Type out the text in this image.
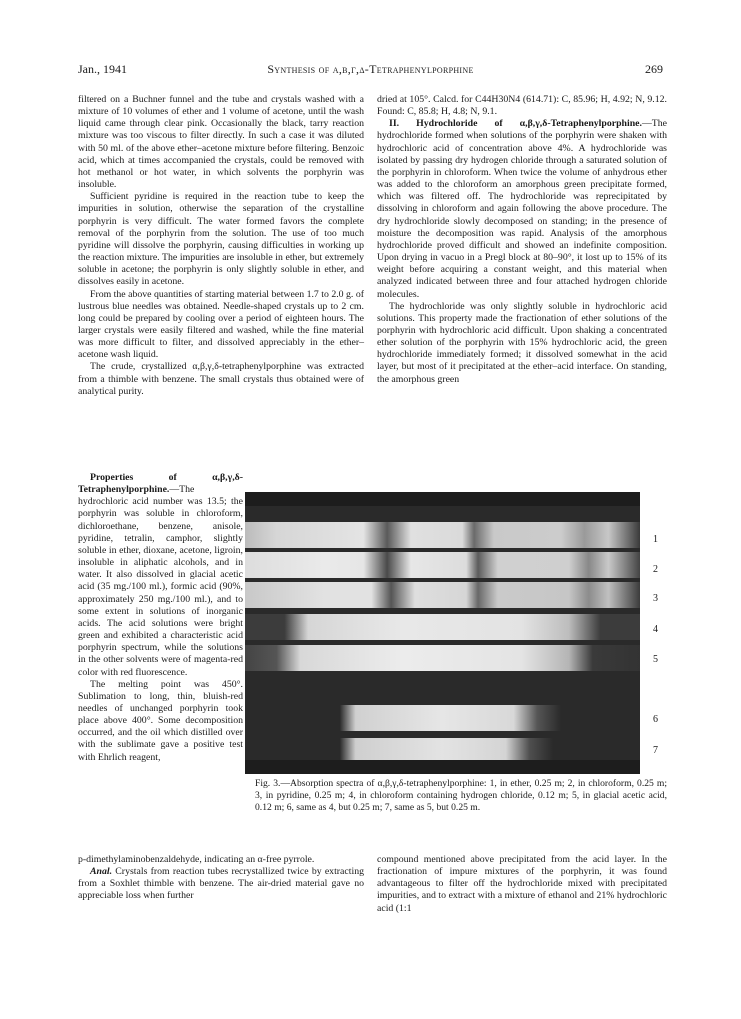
Jan., 1941	Synthesis of α,β,γ,δ-Tetraphenylporphine	269

filtered on a Buchner funnel and the tube and crystals washed with a mixture of 10 volumes of ether and 1 volume of acetone, until the wash liquid came through clear pink. Occasionally the black, tarry reaction mixture was too viscous to filter directly. In such a case it was diluted with 50 ml. of the above ether–acetone mixture before filtering. Benzoic acid, which at times accompanied the crystals, could be removed with hot methanol or hot water, in which solvents the porphyrin was insoluble.

Sufficient pyridine is required in the reaction tube to keep the impurities in solution, otherwise the separation of the crystalline porphyrin is very difficult. The water formed favors the complete removal of the porphyrin from the solution. The use of too much pyridine will dissolve the porphyrin, causing difficulties in working up the reaction mixture. The impurities are insoluble in ether, but extremely soluble in acetone; the porphyrin is only slightly soluble in ether, and dissolves easily in acetone.

From the above quantities of starting material between 1.7 to 2.0 g. of lustrous blue needles was obtained. Needle-shaped crystals up to 2 cm. long could be prepared by cooling over a period of eighteen hours. The larger crystals were easily filtered and washed, while the fine material was more difficult to filter, and dissolved appreciably in the ether–acetone wash liquid.

The crude, crystallized α,β,γ,δ-tetraphenylporphine was extracted from a thimble with benzene. The small crystals thus obtained were of analytical purity.

Properties of α,β,γ,δ-Tetraphenylporphine.—The hydrochloric acid number was 13.5; the porphyrin was soluble in chloroform, dichloroethane, benzene, anisole, pyridine, tetralin, camphor, slightly soluble in ether, dioxane, acetone, ligroin, insoluble in aliphatic alcohols, and in water. It also dissolved in glacial acetic acid (35 mg./100 ml.), formic acid (90%, approximately 250 mg./100 ml.), and to some extent in solutions of inorganic acids. The acid solutions were bright green and exhibited a characteristic acid porphyrin spectrum, while the solutions in the other solvents were of magenta-red color with red fluorescence.

The melting point was 450°. Sublimation to long, thin, bluish-red needles of unchanged porphyrin took place above 400°. Some decomposition occurred, and the oil which distilled over with the sublimate gave a positive test with Ehrlich reagent,

p-dimethylaminobenzaldehyde, indicating an α-free pyrrole.

Anal. Crystals from reaction tubes recrystallized twice by extracting from a Soxhlet thimble with benzene. The air-dried material gave no appreciable loss when further

dried at 105°. Calcd. for C44H30N4 (614.71): C, 85.96; H, 4.92; N, 9.12. Found: C, 85.8; H, 4.8; N, 9.1.

II. Hydrochloride of α,β,γ,δ-Tetraphenylporphine.—The hydrochloride formed when solutions of the porphyrin were shaken with hydrochloric acid of concentration above 4%. A hydrochloride was isolated by passing dry hydrogen chloride through a saturated solution of the porphyrin in chloroform. When twice the volume of anhydrous ether was added to the chloroform an amorphous green precipitate formed, which was filtered off. The hydrochloride was reprecipitated by dissolving in chloroform and again following the above procedure. The dry hydrochloride slowly decomposed on standing; in the presence of moisture the decomposition was rapid. Analysis of the amorphous hydrochloride proved difficult and showed an indefinite composition. Upon drying in vacuo in a Pregl block at 80–90°, it lost up to 15% of its weight before acquiring a constant weight, and this material when analyzed indicated between three and four attached hydrogen chloride molecules.

The hydrochloride was only slightly soluble in hydrochloric acid solutions. This property made the fractionation of ether solutions of the porphyrin with hydrochloric acid difficult. Upon shaking a concentrated ether solution of the porphyrin with 15% hydrochloric acid, the green hydrochloride immediately formed; it dissolved somewhat in the acid layer, but most of it precipitated at the ether–acid interface. On standing, the amorphous green

compound mentioned above precipitated from the acid layer. In the fractionation of impure mixtures of the porphyrin, it was found advantageous to filter off the hydrochloride mixed with precipitated impurities, and to extract with a mixture of ethanol and 21% hydrochloric acid (1:1

1
2
3
4
5
6
7
Fig. 3.—Absorption spectra of α,β,γ,δ-tetraphenylporphine: 1, in ether, 0.25 m; 2, in chloroform, 0.25 m; 3, in pyridine, 0.25 m; 4, in chloroform containing hydrogen chloride, 0.12 m; 5, in glacial acetic acid, 0.12 m; 6, same as 4, but 0.25 m; 7, same as 5, but 0.25 m.
